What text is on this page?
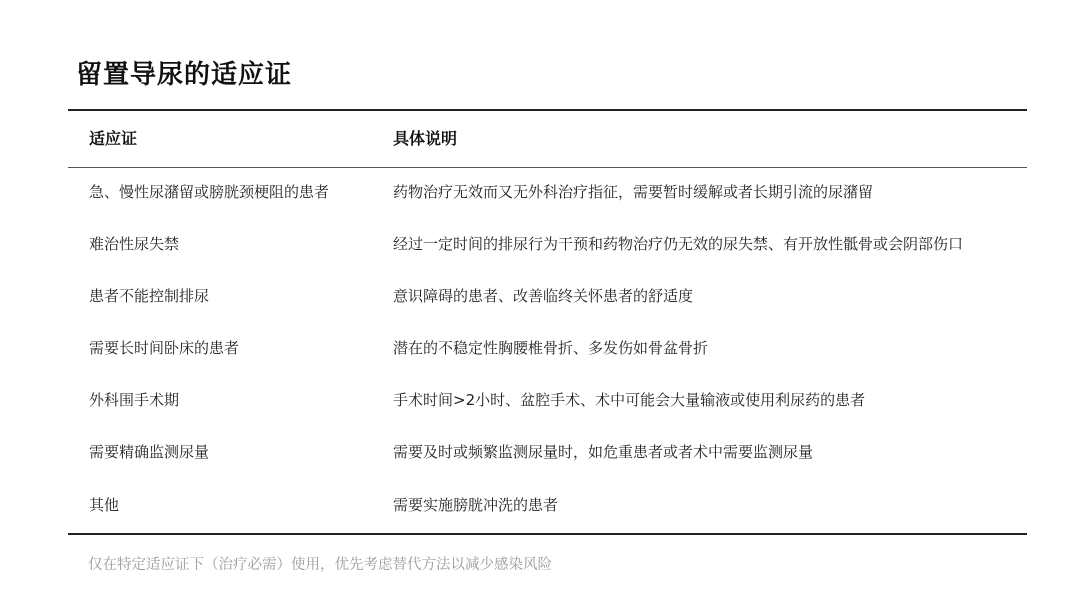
留置导尿的适应证
适应证	具体说明
急、慢性尿潴留或膀胱颈梗阻的患者	药物治疗无效而又无外科治疗指征，需要暂时缓解或者长期引流的尿潴留
难治性尿失禁	经过一定时间的排尿行为干预和药物治疗仍无效的尿失禁、有开放性骶骨或会阴部伤口
患者不能控制排尿	意识障碍的患者、改善临终关怀患者的舒适度
需要长时间卧床的患者	潜在的不稳定性胸腰椎骨折、多发伤如骨盆骨折
外科围手术期	手术时间>2小时、盆腔手术、术中可能会大量输液或使用利尿药的患者
需要精确监测尿量	需要及时或频繁监测尿量时，如危重患者或者术中需要监测尿量
其他	需要实施膀胱冲洗的患者
仅在特定适应证下（治疗必需）使用，优先考虑替代方法以减少感染风险
